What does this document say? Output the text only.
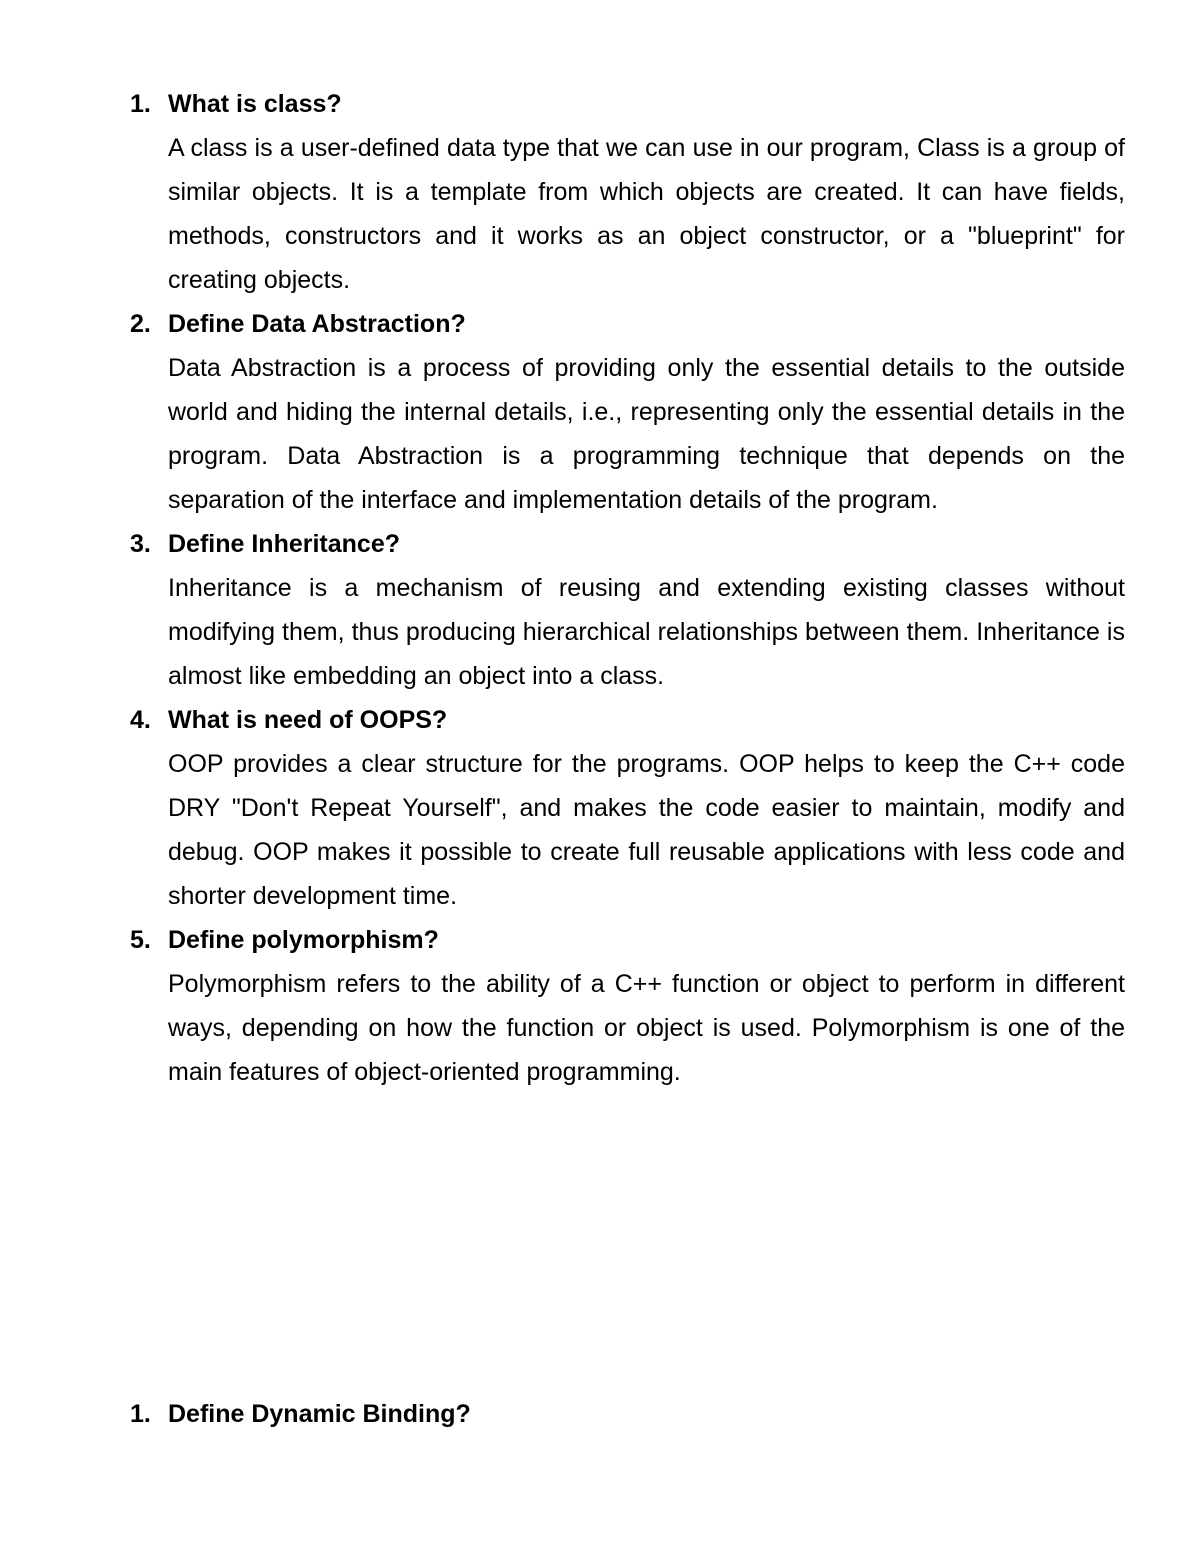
1. What is class?

A class is a user-defined data type that we can use in our program, Class is a group of similar objects. It is a template from which objects are created. It can have fields, methods, constructors and it works as an object constructor, or a "blueprint" for creating objects.

2. Define Data Abstraction?

Data Abstraction is a process of providing only the essential details to the outside world and hiding the internal details, i.e., representing only the essential details in the program. Data Abstraction is a programming technique that depends on the separation of the interface and implementation details of the program.

3. Define Inheritance?

Inheritance is a mechanism of reusing and extending existing classes without modifying them, thus producing hierarchical relationships between them. Inheritance is almost like embedding an object into a class.

4. What is need of OOPS?

OOP provides a clear structure for the programs. OOP helps to keep the C++ code DRY "Don't Repeat Yourself", and makes the code easier to maintain, modify and debug. OOP makes it possible to create full reusable applications with less code and shorter development time.

5. Define polymorphism?

Polymorphism refers to the ability of a C++ function or object to perform in different ways, depending on how the function or object is used. Polymorphism is one of the main features of object-oriented programming.

1. Define Dynamic Binding?
